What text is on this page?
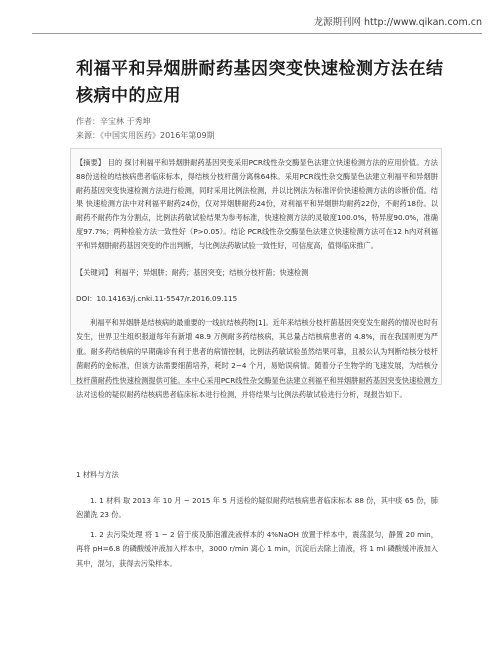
龙源期刊网 http://www.qikan.com.cn
利福平和异烟肼耐药基因突变快速检测方法在结核病中的应用
作者：辛宝林 于秀坤
来源：《中国实用医药》2016年第09期
【摘要】 目的 探讨利福平和异烟肼耐药基因突变采用PCR线性杂交酶显色法建立快速检测方法的应用价值。方法 88份送检的结核病患者临床标本，得结核分枝杆菌分离株64株。采用PCR线性杂交酶显色法建立利福平和异烟肼耐药基因突变快速检测方法进行检测，同时采用比例法检测，并以比例法为标准评价快速检测方法的诊断价值。结果 快速检测方法中对利福平耐药24份，仅对异烟肼耐药24份，对利福平和异烟肼均耐药22份，不耐药18份。以耐药不耐药作为分割点，比例法药敏试验结果为参考标准，快速检测方法的灵敏度100.0%，特异度90.0%，准确度97.7%；两种检验方法一致性好（P>0.05）。结论 PCR线性杂交酶显色法建立快速检测方法可在12 h内对利福平和异烟肼耐药基因突变的作出判断，与比例法药敏试验一致性好，可信度高，值得临床推广。
【关键词】 利福平；异烟肼；耐药；基因突变；结核分枝杆菌；快速检测
DOI：10.14163/j.cnki.11-5547/r.2016.09.115
利福平和异烟肼是结核病的最重要的一线抗结核药物[1]。近年来结核分枝杆菌基因突变发生耐药的情况也时有发生，世界卫生组织报道每年有新增 48.9 万例耐多药结核病，其总量占结核病患者的 4.8%，而在我国则更为严重。耐多药结核病的早期确诊有利于患者的病情控制，比例法药敏试验虽然结果可靠，且被公认为判断结核分枝杆菌耐药的金标准，但该方法需要细菌培养，耗时 2~4 个月，易贻误病情。随着分子生物学的飞速发展，为结核分枝杆菌耐药性快速检测提供可能。本中心采用PCR线性杂交酶显色法建立利福平和异烟肼耐药基因突变快速检测方法对送检的疑似耐药结核病患者临床标本进行检测，并将结果与比例法药敏试验进行分析，现报告如下。
1 材料与方法
1. 1 材料 取 2013 年 10 月 ~ 2015 年 5 月送检的疑似耐药结核病患者临床标本 88 份，其中痰 65 份，肺泡灌洗 23 份。
1. 2 去污染处理 将 1 ~ 2 倍于痰及肺泡灌洗液样本的 4%NaOH 放置于样本中，震荡混匀，静置 20 min，再将 pH=6.8 的磷酸缓冲液加入样本中，3000 r/min 离心 1 min，沉淀后去除上清液，将 1 ml 磷酸缓冲液加入其中，混匀，获得去污染样本。
